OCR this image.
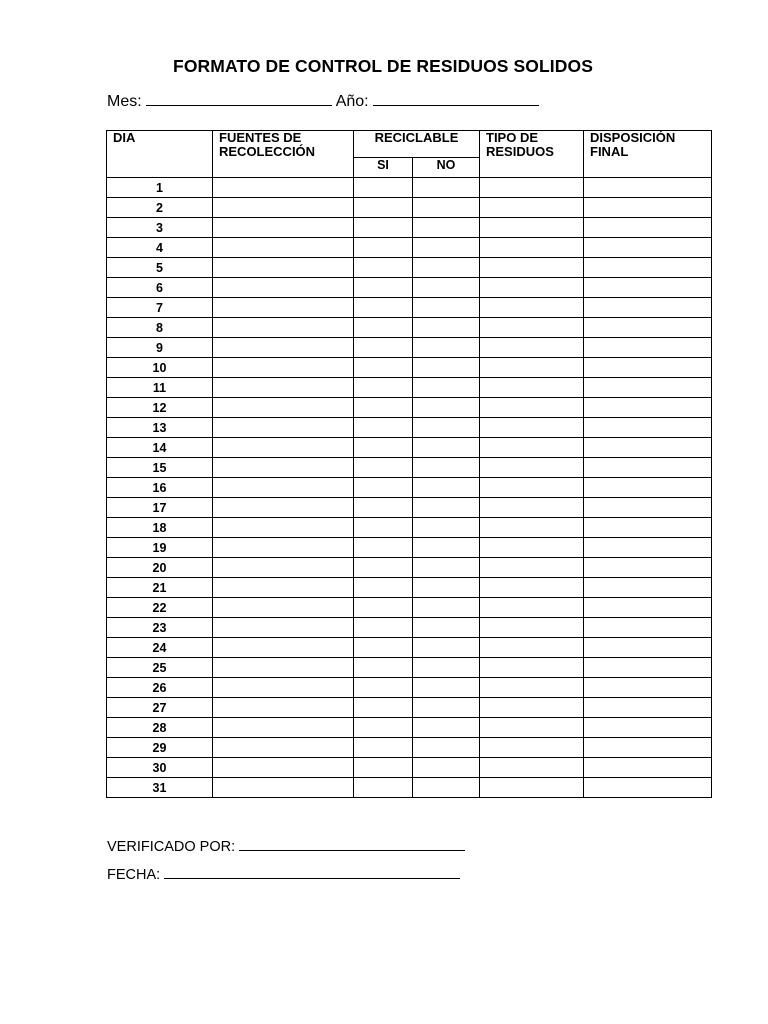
FORMATO DE CONTROL DE RESIDUOS SOLIDOS
Mes:	Año:
DIA	FUENTES DE RECOLECCIÓN	RECICLABLE		TIPO DE RESIDUOS	DISPOSICIÓN FINAL

		SI	NO		
1					
2					
3					
4					
5					
6					
7					
8					
9					
10					
11					
12					
13					
14					
15					
16					
17					
18					
19					
20					
21					
22					
23					
24					
25					
26					
27					
28					
29					
30					
31					
VERIFICADO POR:
FECHA:
